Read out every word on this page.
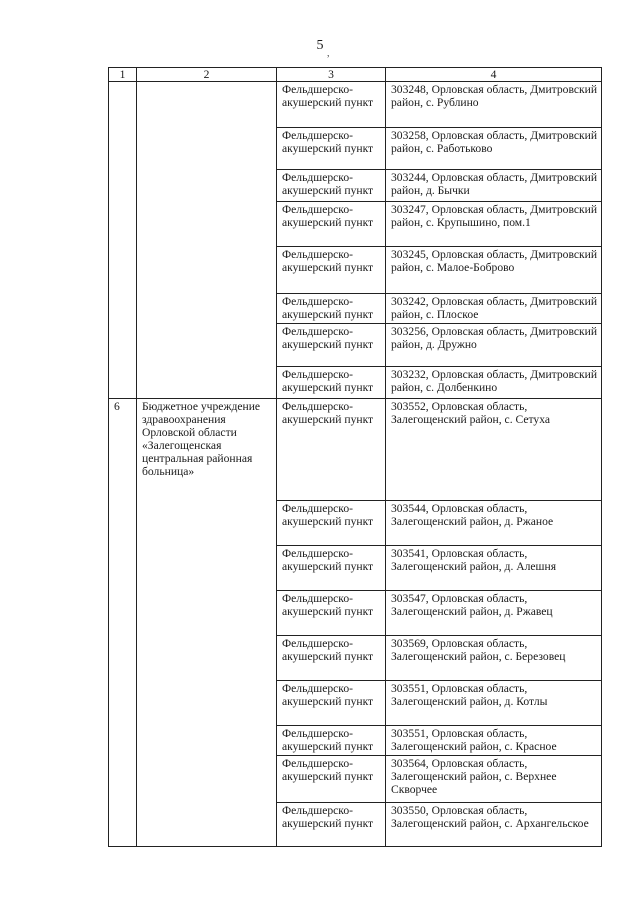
5
,
1	2	3	4
		Фельдшерско-акушерский пункт	303248, Орловская область, Дмитровский район, с. Рублино
		Фельдшерско-акушерский пункт	303258, Орловская область, Дмитровский район, с. Работьково
		Фельдшерско-акушерский пункт	303244, Орловская область, Дмитровский район, д. Бычки
		Фельдшерско-акушерский пункт	303247, Орловская область, Дмитровский район, с. Крупышино, пом.1
		Фельдшерско-акушерский пункт	303245, Орловская область, Дмитровский район, с. Малое-Боброво
		Фельдшерско-акушерский пункт	303242, Орловская область, Дмитровский район, с. Плоское
		Фельдшерско-акушерский пункт	303256, Орловская область, Дмитровский район, д. Дружно
		Фельдшерско-акушерский пункт	303232, Орловская область, Дмитровский район, с. Долбенкино
6	Бюджетное учреждение здравоохранения Орловской области «Залегощенская центральная районная больница»	Фельдшерско-акушерский пункт	303552, Орловская область, Залегощенский район, с. Сетуха
		Фельдшерско-акушерский пункт	303544, Орловская область, Залегощенский район, д. Ржаное
		Фельдшерско-акушерский пункт	303541, Орловская область, Залегощенский район, д. Алешня
		Фельдшерско-акушерский пункт	303547, Орловская область, Залегощенский район, д. Ржавец
		Фельдшерско-акушерский пункт	303569, Орловская область, Залегощенский район, с. Березовец
		Фельдшерско-акушерский пункт	303551, Орловская область, Залегощенский район, д. Котлы
		Фельдшерско-акушерский пункт	303551, Орловская область, Залегощенский район, с. Красное
		Фельдшерско-акушерский пункт	303564, Орловская область, Залегощенский район, с. Верхнее Скворчее
		Фельдшерско-акушерский пункт	303550, Орловская область, Залегощенский район, с. Архангельское
